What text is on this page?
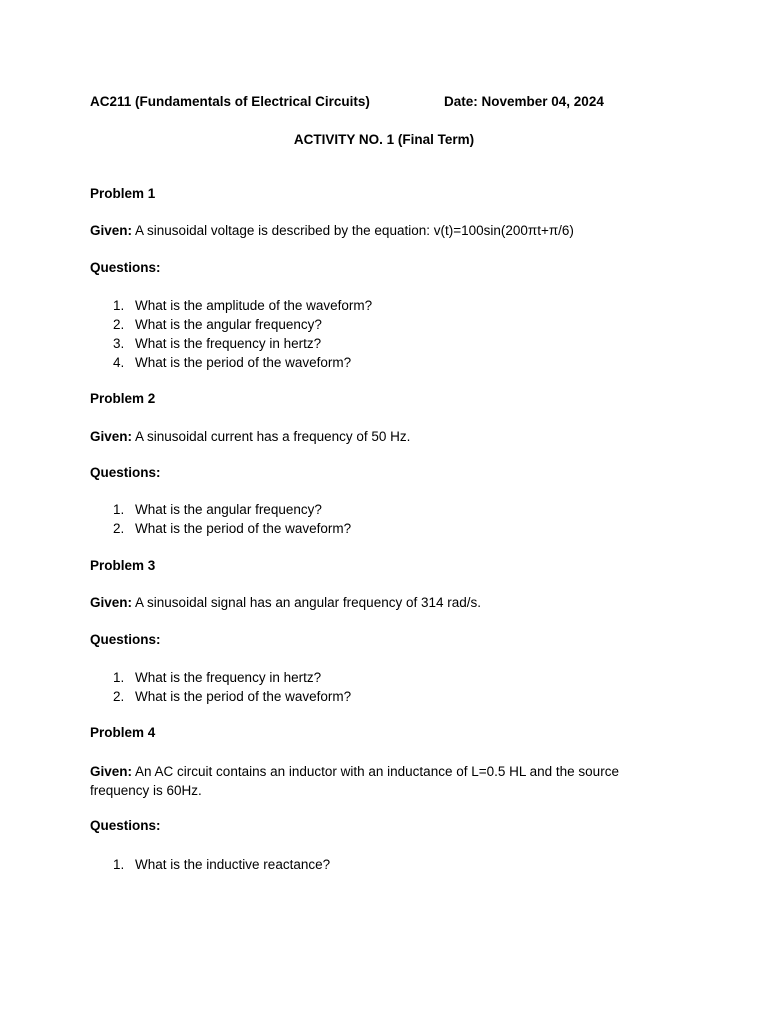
AC211 (Fundamentals of Electrical Circuits)	Date: November 04, 2024
ACTIVITY NO. 1 (Final Term)
Problem 1
Given: A sinusoidal voltage is described by the equation: v(t)=100sin(200πt+π/6)
Questions:
1. What is the amplitude of the waveform?
2. What is the angular frequency?
3. What is the frequency in hertz?
4. What is the period of the waveform?
Problem 2
Given: A sinusoidal current has a frequency of 50 Hz.
Questions:
1. What is the angular frequency?
2. What is the period of the waveform?
Problem 3
Given: A sinusoidal signal has an angular frequency of 314 rad/s.
Questions:
1. What is the frequency in hertz?
2. What is the period of the waveform?
Problem 4
Given: An AC circuit contains an inductor with an inductance of L=0.5 HL and the source frequency is 60Hz.
Questions:
1. What is the inductive reactance?
